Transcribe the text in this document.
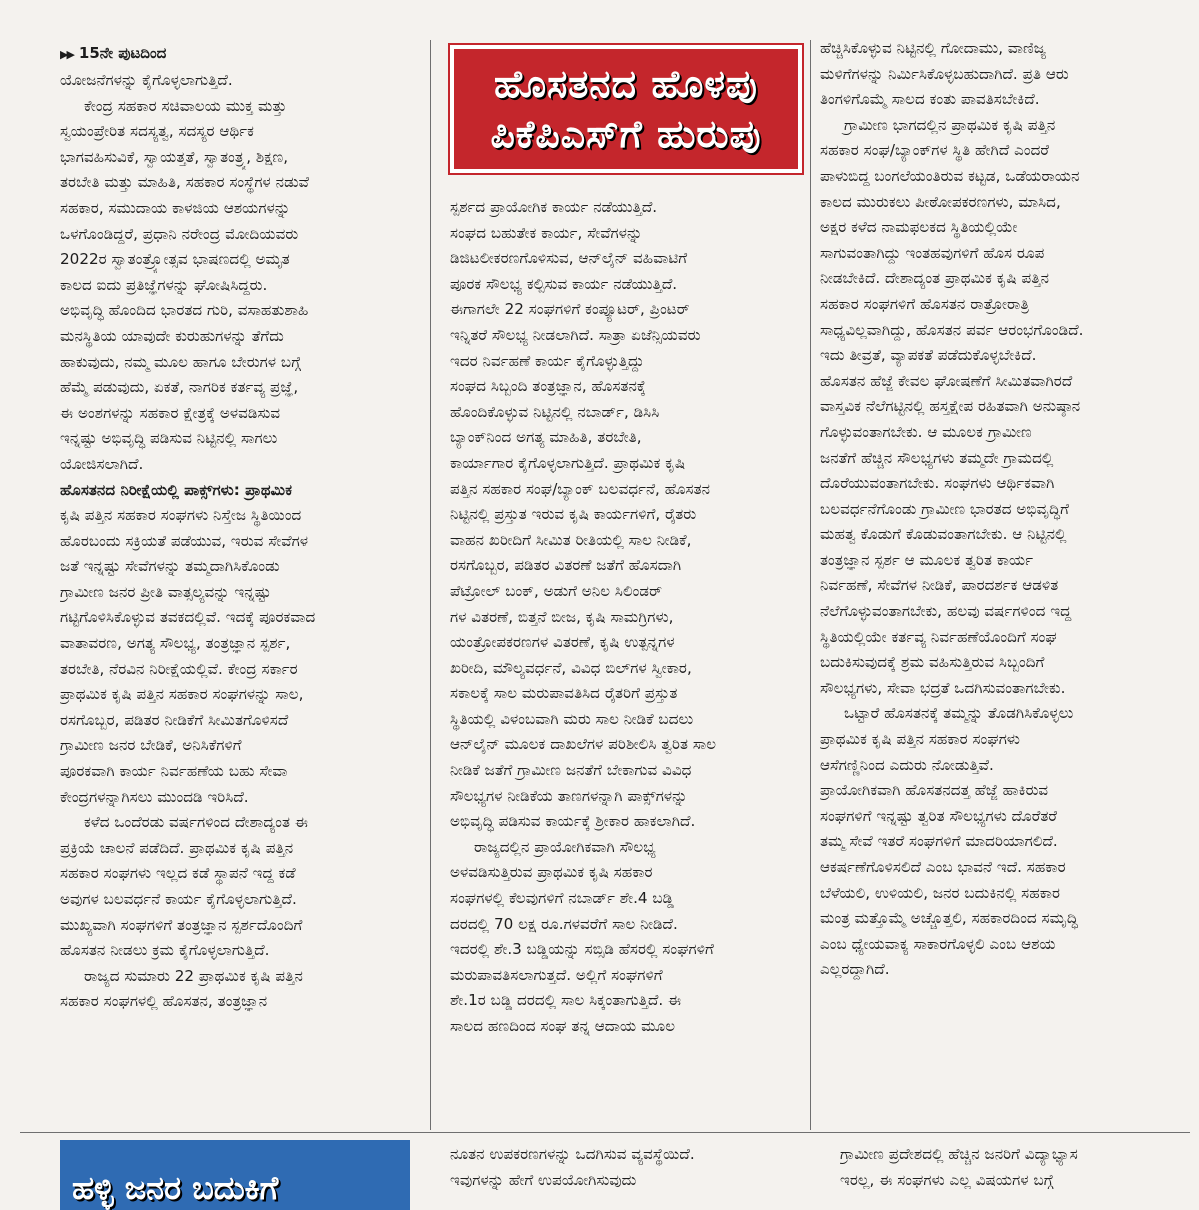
▶▶ 15ನೇ ಪುಟದಿಂದ

ಯೋಜನೆಗಳನ್ನು ಕೈಗೊಳ್ಳಲಾಗುತ್ತಿದೆ.

ಕೇಂದ್ರ ಸಹಕಾರ ಸಚಿವಾಲಯ ಮುಕ್ತ ಮತ್ತು

ಸ್ವಯಂಪ್ರೇರಿತ ಸದಸ್ಯತ್ವ, ಸದಸ್ಯರ ಆರ್ಥಿಕ

ಭಾಗವಹಿಸುವಿಕೆ, ಸ್ವಾಯತ್ತತೆ, ಸ್ವಾತಂತ್ರ್ಯ, ಶಿಕ್ಷಣ,

ತರಬೇತಿ ಮತ್ತು ಮಾಹಿತಿ, ಸಹಕಾರ ಸಂಸ್ಥೆಗಳ ನಡುವೆ

ಸಹಕಾರ, ಸಮುದಾಯ ಕಾಳಜಿಯ ಆಶಯಗಳನ್ನು

ಒಳಗೊಂಡಿದ್ದರೆ, ಪ್ರಧಾನಿ ನರೇಂದ್ರ ಮೋದಿಯವರು

2022ರ ಸ್ವಾತಂತ್ರ್ಯೋತ್ಸವ ಭಾಷಣದಲ್ಲಿ ಅಮೃತ

ಕಾಲದ ಐದು ಪ್ರತಿಜ್ಞೆಗಳನ್ನು ಘೋಷಿಸಿದ್ದರು.

ಅಭಿವೃದ್ಧಿ ಹೊಂದಿದ ಭಾರತದ ಗುರಿ, ವಸಾಹತುಶಾಹಿ

ಮನಸ್ಥಿತಿಯ ಯಾವುದೇ ಕುರುಹುಗಳನ್ನು ತೆಗೆದು

ಹಾಕುವುದು, ನಮ್ಮ ಮೂಲ ಹಾಗೂ ಬೇರುಗಳ ಬಗ್ಗೆ

ಹೆಮ್ಮೆ ಪಡುವುದು, ಏಕತೆ, ನಾಗರಿಕ ಕರ್ತವ್ಯ ಪ್ರಜ್ಞೆ,

ಈ ಅಂಶಗಳನ್ನು ಸಹಕಾರ ಕ್ಷೇತ್ರಕ್ಕೆ ಅಳವಡಿಸುವ

ಇನ್ನಷ್ಟು ಅಭಿವೃದ್ಧಿ ಪಡಿಸುವ ನಿಟ್ಟಿನಲ್ಲಿ ಸಾಗಲು

ಯೋಜಿಸಲಾಗಿದೆ.

ಹೊಸತನದ ನಿರೀಕ್ಷೆಯಲ್ಲಿ ಪಾಕ್ಸ್‌ಗಳು: ಪ್ರಾಥಮಿಕ

ಕೃಷಿ ಪತ್ತಿನ ಸಹಕಾರ ಸಂಘಗಳು ನಿಸ್ತೇಜ ಸ್ಥಿತಿಯಿಂದ

ಹೊರಬಂದು ಸಕ್ರಿಯತೆ ಪಡೆಯುವ, ಇರುವ ಸೇವೆಗಳ

ಜತೆ ಇನ್ನಷ್ಟು ಸೇವೆಗಳನ್ನು ತಮ್ಮದಾಗಿಸಿಕೊಂಡು

ಗ್ರಾಮೀಣ ಜನರ ಪ್ರೀತಿ ವಾತ್ಸಲ್ಯವನ್ನು ಇನ್ನಷ್ಟು

ಗಟ್ಟಿಗೊಳಿಸಿಕೊಳ್ಳುವ ತವಕದಲ್ಲಿವೆ. ಇದಕ್ಕೆ ಪೂರಕವಾದ

ವಾತಾವರಣ, ಅಗತ್ಯ ಸೌಲಭ್ಯ, ತಂತ್ರಜ್ಞಾನ ಸ್ಪರ್ಶ,

ತರಬೇತಿ, ನೆರವಿನ ನಿರೀಕ್ಷೆಯಲ್ಲಿವೆ. ಕೇಂದ್ರ ಸರ್ಕಾರ

ಪ್ರಾಥಮಿಕ ಕೃಷಿ ಪತ್ತಿನ ಸಹಕಾರ ಸಂಘಗಳನ್ನು ಸಾಲ,

ರಸಗೊಬ್ಬರ, ಪಡಿತರ ನೀಡಿಕೆಗೆ ಸೀಮಿತಗೊಳಿಸದೆ

ಗ್ರಾಮೀಣ ಜನರ ಬೇಡಿಕೆ, ಅನಿಸಿಕೆಗಳಿಗೆ

ಪೂರಕವಾಗಿ ಕಾರ್ಯ ನಿರ್ವಹಣೆಯ ಬಹು ಸೇವಾ

ಕೇಂದ್ರಗಳನ್ನಾಗಿಸಲು ಮುಂದಡಿ ಇರಿಸಿದೆ.

ಕಳೆದ ಒಂದೆರಡು ವರ್ಷಗಳಿಂದ ದೇಶಾದ್ಯಂತ ಈ

ಪ್ರಕ್ರಿಯೆ ಚಾಲನೆ ಪಡೆದಿದೆ. ಪ್ರಾಥಮಿಕ ಕೃಷಿ ಪತ್ತಿನ

ಸಹಕಾರ ಸಂಘಗಳು ಇಲ್ಲದ ಕಡೆ ಸ್ಥಾಪನೆ ಇದ್ದ ಕಡೆ

ಅವುಗಳ ಬಲವರ್ಧನೆ ಕಾರ್ಯ ಕೈಗೊಳ್ಳಲಾಗುತ್ತಿದೆ.

ಮುಖ್ಯವಾಗಿ ಸಂಘಗಳಿಗೆ ತಂತ್ರಜ್ಞಾನ ಸ್ಪರ್ಶದೊಂದಿಗೆ

ಹೊಸತನ ನೀಡಲು ಕ್ರಮ ಕೈಗೊಳ್ಳಲಾಗುತ್ತಿದೆ.

ರಾಜ್ಯದ ಸುಮಾರು 22 ಪ್ರಾಥಮಿಕ ಕೃಷಿ ಪತ್ತಿನ

ಸಹಕಾರ ಸಂಘಗಳಲ್ಲಿ ಹೊಸತನ, ತಂತ್ರಜ್ಞಾನ

ಹೊಸತನದ ಹೊಳಪು
ಪಿಕೆಪಿಎಸ್‌ಗೆ ಹುರುಪು

ಸ್ಪರ್ಶದ ಪ್ರಾಯೋಗಿಕ ಕಾರ್ಯ ನಡೆಯುತ್ತಿದೆ.

ಸಂಘದ ಬಹುತೇಕ ಕಾರ್ಯ, ಸೇವೆಗಳನ್ನು

ಡಿಜಿಟಲೀಕರಣಗೊಳಿಸುವ, ಆನ್‌ಲೈನ್ ವಹಿವಾಟಿಗೆ

ಪೂರಕ ಸೌಲಭ್ಯ ಕಲ್ಪಿಸುವ ಕಾರ್ಯ ನಡೆಯುತ್ತಿದೆ.

ಈಗಾಗಲೇ 22 ಸಂಘಗಳಿಗೆ ಕಂಪ್ಯೂಟರ್, ಪ್ರಿಂಟರ್

ಇನ್ನಿತರೆ ಸೌಲಭ್ಯ ನೀಡಲಾಗಿದೆ. ಸಾತ್ರಾ ಏಜೆನ್ಸಿಯವರು

ಇದರ ನಿರ್ವಹಣೆ ಕಾರ್ಯ ಕೈಗೊಳ್ಳುತ್ತಿದ್ದು

ಸಂಘದ ಸಿಬ್ಬಂದಿ ತಂತ್ರಜ್ಞಾನ, ಹೊಸತನಕ್ಕೆ

ಹೊಂದಿಕೊಳ್ಳುವ ನಿಟ್ಟಿನಲ್ಲಿ ನಬಾರ್ಡ್, ಡಿಸಿಸಿ

ಬ್ಯಾಂಕ್‌ನಿಂದ ಅಗತ್ಯ ಮಾಹಿತಿ, ತರಬೇತಿ,

ಕಾರ್ಯಾಗಾರ ಕೈಗೊಳ್ಳಲಾಗುತ್ತಿದೆ. ಪ್ರಾಥಮಿಕ ಕೃಷಿ

ಪತ್ತಿನ ಸಹಕಾರ ಸಂಘ/ಬ್ಯಾಂಕ್ ಬಲವರ್ಧನೆ, ಹೊಸತನ

ನಿಟ್ಟಿನಲ್ಲಿ ಪ್ರಸ್ತುತ ಇರುವ ಕೃಷಿ ಕಾರ್ಯಗಳಿಗೆ, ರೈತರು

ವಾಹನ ಖರೀದಿಗೆ ಸೀಮಿತ ರೀತಿಯಲ್ಲಿ ಸಾಲ ನೀಡಿಕೆ,

ರಸಗೊಬ್ಬರ, ಪಡಿತರ ವಿತರಣೆ ಜತೆಗೆ ಹೊಸದಾಗಿ

ಪೆಟ್ರೋಲ್ ಬಂಕ್, ಅಡುಗೆ ಅನಿಲ ಸಿಲಿಂಡರ್

ಗಳ ವಿತರಣೆ, ಬಿತ್ತನೆ ಬೀಜ, ಕೃಷಿ ಸಾಮಗ್ರಿಗಳು,

ಯಂತ್ರೋಪಕರಣಗಳ ವಿತರಣೆ, ಕೃಷಿ ಉತ್ಪನ್ನಗಳ

ಖರೀದಿ, ಮೌಲ್ಯವರ್ಧನೆ, ವಿವಿಧ ಬಿಲ್‌ಗಳ ಸ್ವೀಕಾರ,

ಸಕಾಲಕ್ಕೆ ಸಾಲ ಮರುಪಾವತಿಸಿದ ರೈತರಿಗೆ ಪ್ರಸ್ತುತ

ಸ್ಥಿತಿಯಲ್ಲಿ ವಿಳಂಬವಾಗಿ ಮರು ಸಾಲ ನೀಡಿಕೆ ಬದಲು

ಆನ್‌ಲೈನ್ ಮೂಲಕ ದಾಖಲೆಗಳ ಪರಿಶೀಲಿಸಿ ತ್ವರಿತ ಸಾಲ

ನೀಡಿಕೆ ಜತೆಗೆ ಗ್ರಾಮೀಣ ಜನತೆಗೆ ಬೇಕಾಗುವ ವಿವಿಧ

ಸೌಲಭ್ಯಗಳ ನೀಡಿಕೆಯ ತಾಣಗಳನ್ನಾಗಿ ಪಾಕ್ಸ್‌ಗಳನ್ನು

ಅಭಿವೃದ್ಧಿ ಪಡಿಸುವ ಕಾರ್ಯಕ್ಕೆ ಶ್ರೀಕಾರ ಹಾಕಲಾಗಿದೆ.

ರಾಜ್ಯದಲ್ಲಿನ ಪ್ರಾಯೋಗಿಕವಾಗಿ ಸೌಲಭ್ಯ

ಅಳವಡಿಸುತ್ತಿರುವ ಪ್ರಾಥಮಿಕ ಕೃಷಿ ಸಹಕಾರ

ಸಂಘಗಳಲ್ಲಿ ಕೆಲವುಗಳಿಗೆ ನಬಾರ್ಡ್ ಶೇ.4 ಬಡ್ಡಿ

ದರದಲ್ಲಿ 70 ಲಕ್ಷ ರೂ.ಗಳವರೆಗೆ ಸಾಲ ನೀಡಿದೆ.

ಇದರಲ್ಲಿ ಶೇ.3 ಬಡ್ಡಿಯನ್ನು ಸಬ್ಸಿಡಿ ಹೆಸರಲ್ಲಿ ಸಂಘಗಳಿಗೆ

ಮರುಪಾವತಿಸಲಾಗುತ್ತದೆ. ಅಲ್ಲಿಗೆ ಸಂಘಗಳಿಗೆ

ಶೇ.1ರ ಬಡ್ಡಿ ದರದಲ್ಲಿ ಸಾಲ ಸಿಕ್ಕಂತಾಗುತ್ತಿದೆ. ಈ

ಸಾಲದ ಹಣದಿಂದ ಸಂಘ ತನ್ನ ಆದಾಯ ಮೂಲ

ಹೆಚ್ಚಿಸಿಕೊಳ್ಳುವ ನಿಟ್ಟಿನಲ್ಲಿ ಗೋದಾಮು, ವಾಣಿಜ್ಯ

ಮಳಿಗೆಗಳನ್ನು ನಿರ್ಮಿಸಿಕೊಳ್ಳಬಹುದಾಗಿದೆ. ಪ್ರತಿ ಆರು

ತಿಂಗಳಿಗೊಮ್ಮೆ ಸಾಲದ ಕಂತು ಪಾವತಿಸಬೇಕಿದೆ.

ಗ್ರಾಮೀಣ ಭಾಗದಲ್ಲಿನ ಪ್ರಾಥಮಿಕ ಕೃಷಿ ಪತ್ತಿನ

ಸಹಕಾರ ಸಂಘ/ಬ್ಯಾಂಕ್‌ಗಳ ಸ್ಥಿತಿ ಹೇಗಿದೆ ಎಂದರೆ

ಪಾಳುಬಿದ್ದ ಬಂಗಲೆಯಂತಿರುವ ಕಟ್ಟಡ, ಒಡೆಯರಾಯನ

ಕಾಲದ ಮುರುಕಲು ಪೀಠೋಪಕರಣಗಳು, ಮಾಸಿದ,

ಅಕ್ಷರ ಕಳೆದ ನಾಮಫಲಕದ ಸ್ಥಿತಿಯಲ್ಲಿಯೇ

ಸಾಗುವಂತಾಗಿದ್ದು ಇಂತಹವುಗಳಿಗೆ ಹೊಸ ರೂಪ

ನೀಡಬೇಕಿದೆ. ದೇಶಾದ್ಯಂತ ಪ್ರಾಥಮಿಕ ಕೃಷಿ ಪತ್ತಿನ

ಸಹಕಾರ ಸಂಘಗಳಿಗೆ ಹೊಸತನ ರಾತ್ರೋರಾತ್ರಿ

ಸಾಧ್ಯವಿಲ್ಲವಾಗಿದ್ದು, ಹೊಸತನ ಪರ್ವ ಆರಂಭಗೊಂಡಿದೆ.

ಇದು ತೀವ್ರತೆ, ವ್ಯಾಪಕತೆ ಪಡೆದುಕೊಳ್ಳಬೇಕಿದೆ.

ಹೊಸತನ ಹೆಜ್ಜೆ ಕೇವಲ ಘೋಷಣೆಗೆ ಸೀಮಿತವಾಗಿರದೆ

ವಾಸ್ತವಿಕ ನೆಲೆಗಟ್ಟಿನಲ್ಲಿ ಹಸ್ತಕ್ಷೇಪ ರಹಿತವಾಗಿ ಅನುಷ್ಠಾನ

ಗೊಳ್ಳುವಂತಾಗಬೇಕು. ಆ ಮೂಲಕ ಗ್ರಾಮೀಣ

ಜನತೆಗೆ ಹೆಚ್ಚಿನ ಸೌಲಭ್ಯಗಳು ತಮ್ಮದೇ ಗ್ರಾಮದಲ್ಲಿ

ದೊರೆಯುವಂತಾಗಬೇಕು. ಸಂಘಗಳು ಆರ್ಥಿಕವಾಗಿ

ಬಲವರ್ಧನೆಗೊಂಡು ಗ್ರಾಮೀಣ ಭಾರತದ ಅಭಿವೃದ್ಧಿಗೆ

ಮಹತ್ವ ಕೊಡುಗೆ ಕೊಡುವಂತಾಗಬೇಕು. ಆ ನಿಟ್ಟಿನಲ್ಲಿ

ತಂತ್ರಜ್ಞಾನ ಸ್ಪರ್ಶ ಆ ಮೂಲಕ ತ್ವರಿತ ಕಾರ್ಯ

ನಿರ್ವಹಣೆ, ಸೇವೆಗಳ ನೀಡಿಕೆ, ಪಾರದರ್ಶಕ ಆಡಳಿತ

ನೆಲೆಗೊಳ್ಳುವಂತಾಗಬೇಕು, ಹಲವು ವರ್ಷಗಳಿಂದ ಇದ್ದ

ಸ್ಥಿತಿಯಲ್ಲಿಯೇ ಕರ್ತವ್ಯ ನಿರ್ವಹಣೆಯೊಂದಿಗೆ ಸಂಘ

ಬದುಕಿಸುವುದಕ್ಕೆ ಶ್ರಮ ವಹಿಸುತ್ತಿರುವ ಸಿಬ್ಬಂದಿಗೆ

ಸೌಲಭ್ಯಗಳು, ಸೇವಾ ಭದ್ರತೆ ಒದಗಿಸುವಂತಾಗಬೇಕು.

ಒಟ್ಟಾರೆ ಹೊಸತನಕ್ಕೆ ತಮ್ಮನ್ನು ತೊಡಗಿಸಿಕೊಳ್ಳಲು

ಪ್ರಾಥಮಿಕ ಕೃಷಿ ಪತ್ತಿನ ಸಹಕಾರ ಸಂಘಗಳು

ಆಸೆಗಣ್ಣಿನಿಂದ ಎದುರು ನೋಡುತ್ತಿವೆ.

ಪ್ರಾಯೋಗಿಕವಾಗಿ ಹೊಸತನದತ್ತ ಹೆಜ್ಜೆ ಹಾಕಿರುವ

ಸಂಘಗಳಿಗೆ ಇನ್ನಷ್ಟು ತ್ವರಿತ ಸೌಲಭ್ಯಗಳು ದೊರೆತರೆ

ತಮ್ಮ ಸೇವೆ ಇತರೆ ಸಂಘಗಳಿಗೆ ಮಾದರಿಯಾಗಲಿದೆ.

ಆಕರ್ಷಣೆಗೊಳಿಸಲಿದೆ ಎಂಬ ಭಾವನೆ ಇದೆ. ಸಹಕಾರ

ಬೆಳೆಯಲಿ, ಉಳಿಯಲಿ, ಜನರ ಬದುಕಿನಲ್ಲಿ ಸಹಕಾರ

ಮಂತ್ರ ಮತ್ತೊಮ್ಮೆ ಅಚ್ಚೊತ್ತಲಿ, ಸಹಕಾರದಿಂದ ಸಮೃದ್ಧಿ

ಎಂಬ ಧ್ಯೇಯವಾಕ್ಯ ಸಾಕಾರಗೊಳ್ಳಲಿ ಎಂಬ ಆಶಯ

ಎಲ್ಲರದ್ದಾಗಿದೆ.

ಹಳ್ಳಿ ಜನರ ಬದುಕಿಗೆ

ನೂತನ ಉಪಕರಣಗಳನ್ನು ಒದಗಿಸುವ ವ್ಯವಸ್ಥೆಯಿದೆ.

ಇವುಗಳನ್ನು ಹೇಗೆ ಉಪಯೋಗಿಸುವುದು

ಗ್ರಾಮೀಣ ಪ್ರದೇಶದಲ್ಲಿ ಹೆಚ್ಚಿನ ಜನರಿಗೆ ವಿದ್ಯಾಭ್ಯಾಸ

ಇರಲ್ಲ, ಈ ಸಂಘಗಳು ಎಲ್ಲ ವಿಷಯಗಳ ಬಗ್ಗೆ
